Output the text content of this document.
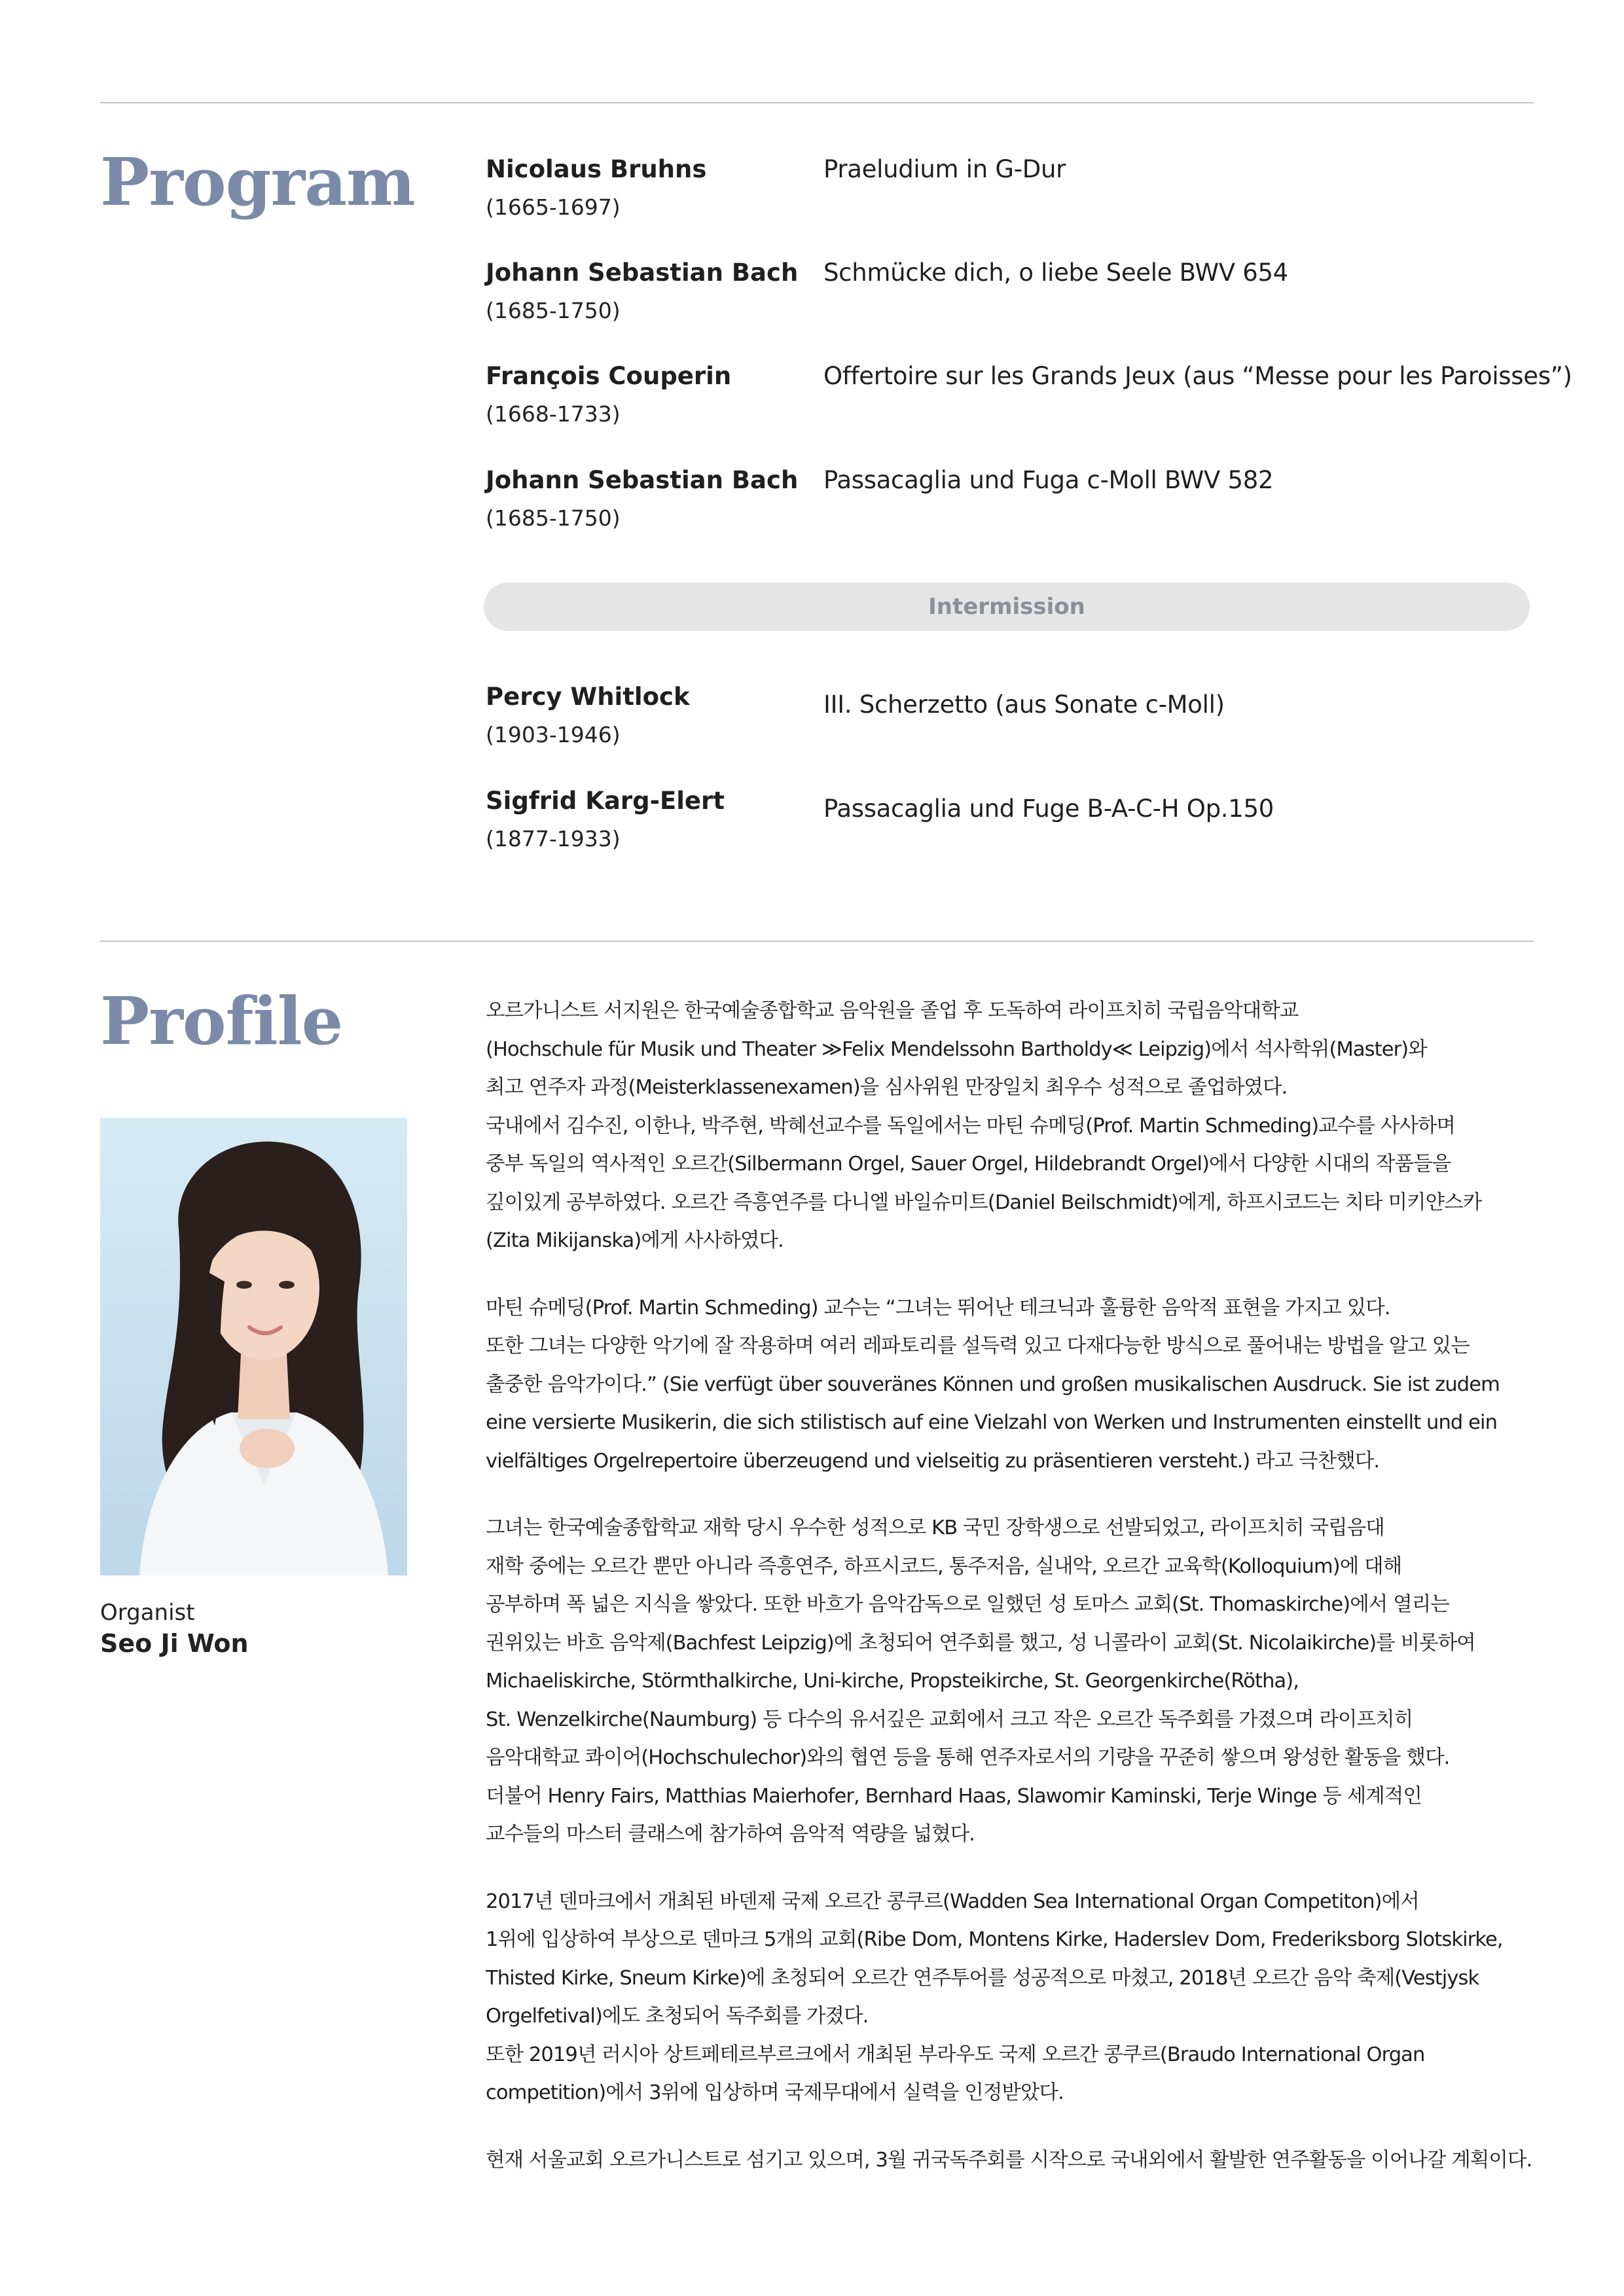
Program	Nicolaus Bruhns

(1665-1697)

Praeludium in G-Dur

Johann Sebastian Bach

(1685-1750)

Schmücke dich, o liebe Seele BWV 654

François Couperin

(1668-1733)

Offertoire sur les Grands Jeux (aus “Messe pour les Paroisses”)

Johann Sebastian Bach

(1685-1750)

Passacaglia und Fuga c-Moll BWV 582

Intermission

Percy Whitlock

(1903-1946)

III. Scherzetto (aus Sonate c-Moll)

Sigfrid Karg-Elert

(1877-1933)

Passacaglia und Fuge B-A-C-H Op.150

Profile

Organist

Seo Ji Won

오르가니스트 서지원은 한국예술종합학교 음악원을 졸업 후 도독하여 라이프치히 국립음악대학교
(Hochschule für Musik und Theater ≫Felix Mendelssohn Bartholdy≪ Leipzig)에서 석사학위(Master)와
최고 연주자 과정(Meisterklassenexamen)을 심사위원 만장일치 최우수 성적으로 졸업하였다.
국내에서 김수진, 이한나, 박주현, 박혜선교수를 독일에서는 마틴 슈메딩(Prof. Martin Schmeding)교수를 사사하며
중부 독일의 역사적인 오르간(Silbermann Orgel, Sauer Orgel, Hildebrandt Orgel)에서 다양한 시대의 작품들을
깊이있게 공부하였다. 오르간 즉흥연주를 다니엘 바일슈미트(Daniel Beilschmidt)에게, 하프시코드는 치타 미키얀스카
(Zita Mikijanska)에게 사사하였다.

마틴 슈메딩(Prof. Martin Schmeding) 교수는 “그녀는 뛰어난 테크닉과 훌륭한 음악적 표현을 가지고 있다.
또한 그녀는 다양한 악기에 잘 작용하며 여러 레파토리를 설득력 있고 다재다능한 방식으로 풀어내는 방법을 알고 있는
출중한 음악가이다.” (Sie verfügt über souveränes Können und großen musikalischen Ausdruck. Sie ist zudem
eine versierte Musikerin, die sich stilistisch auf eine Vielzahl von Werken und Instrumenten einstellt und ein
vielfältiges Orgelrepertoire überzeugend und vielseitig zu präsentieren versteht.) 라고 극찬했다.

그녀는 한국예술종합학교 재학 당시 우수한 성적으로 KB 국민 장학생으로 선발되었고, 라이프치히 국립음대
재학 중에는 오르간 뿐만 아니라 즉흥연주, 하프시코드, 통주저음, 실내악, 오르간 교육학(Kolloquium)에 대해
공부하며 폭 넓은 지식을 쌓았다. 또한 바흐가 음악감독으로 일했던 성 토마스 교회(St. Thomaskirche)에서 열리는
권위있는 바흐 음악제(Bachfest Leipzig)에 초청되어 연주회를 했고, 성 니콜라이 교회(St. Nicolaikirche)를 비롯하여
Michaeliskirche, Störmthalkirche, Uni-kirche, Propsteikirche, St. Georgenkirche(Rötha),
St. Wenzelkirche(Naumburg) 등 다수의 유서깊은 교회에서 크고 작은 오르간 독주회를 가졌으며 라이프치히
음악대학교 콰이어(Hochschulechor)와의 협연 등을 통해 연주자로서의 기량을 꾸준히 쌓으며 왕성한 활동을 했다.
더불어 Henry Fairs, Matthias Maierhofer, Bernhard Haas, Slawomir Kaminski, Terje Winge 등 세계적인
교수들의 마스터 클래스에 참가하여 음악적 역량을 넓혔다.

2017년 덴마크에서 개최된 바덴제 국제 오르간 콩쿠르(Wadden Sea International Organ Competiton)에서
1위에 입상하여 부상으로 덴마크 5개의 교회(Ribe Dom, Montens Kirke, Haderslev Dom, Frederiksborg Slotskirke,
Thisted Kirke, Sneum Kirke)에 초청되어 오르간 연주투어를 성공적으로 마쳤고, 2018년 오르간 음악 축제(Vestjysk
Orgelfetival)에도 초청되어 독주회를 가졌다.
또한 2019년 러시아 상트페테르부르크에서 개최된 부라우도 국제 오르간 콩쿠르(Braudo International Organ
competition)에서 3위에 입상하며 국제무대에서 실력을 인정받았다.

현재 서울교회 오르가니스트로 섬기고 있으며, 3월 귀국독주회를 시작으로 국내외에서 활발한 연주활동을 이어나갈 계획이다.
